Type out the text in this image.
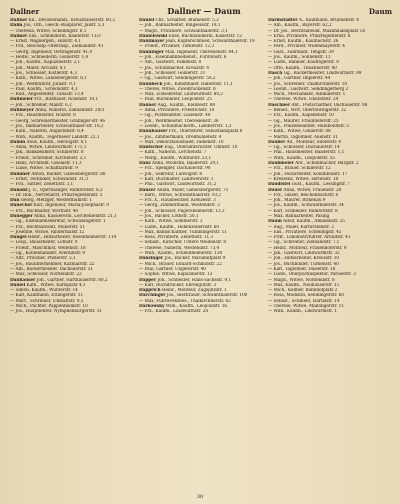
Dallner	Dallner — Daum	Daum
Dallner Kil., Devisenhandl., Kreuzhauserstr. 60,2
Dalm Jos., Ofb., Gesch.-Bauplarer, Jalstr. 5,3
— Theresia, Witwe, Schellingstr. 8,1
Dalmer Elis., Schneiderin, Baaderstr. 11/3
— Ernst, Wagnergeh., Hildstr. 4,1
— Frd., Reichssp.-Oberinsp., Zieblandstr. 41
— Georg, Ingenieur, Oettingenstr. 41,4
— Hedw., Schneiderin, Gollierstr. 1,4
— Joh., Kaufm., Kapuzinerstr. 2,1
— Joh., Maler, Arcisstr. 4,1
— Jos., Schlosser, Kistlerstr. 4,3
— Kath., Witwe, Landsbergerstr. 8,1
— Joh., Werkführer, Jutastr. 9,1
— Paul, Kaufm., Schwindstr. 4,3
— Rud., Angestellter, Tullastr. 13,4
Dallmeier Frz., Bildhauer, Rosenstr. 10,1
— Joh., Schreiner, Maistr. 6,2
Dallmeyer Anna, Näherin, Zieblandstr. 20/3
— Frz., Hausmeister, Holzstr. 8
— Georg, Schreinermeister, Grafinger-str. 46
— Jos., Bahnarbeiter, Schwanthaler-str. 18,2
— Kath., Näherin, Augustenstr. 8,4
— Wilh., Kaufm., Tegernseer Landstr. 22,1
Damm Alois, Kaufm., Herzogstr. 8,1
— Anna, Witwe, Lindwurmstr. 171,1
— Jak., Bankbeamter, Schillerstr. 8
— Friedr., Schreiner, Kirchenstr. 3,1
— Hans, Architekt, Giselastr. 11,3
— Luise, Witwe, Schäftlarnstr. 9
Dammer Anton, Bäcker, Gabelsbergerstr. 80
— Ernst, Techniker, Schwindstr. 31,3
— Frd., Sattler, Zenettistr. 3,1
Damski J. E., Opernsänger, Rumfordstr. 8,3
— Dr. Rob., Nervenarzt, Prinzregentenstr. 5
Dan Georg, Metzger, Westermühlstr. 1
Danecker Karl, Ingenieur, Maria-Josephastr. 9
— Frz., Buchhalter, Wörthstr. 40
Danegger Anna, Kassiererin, Lerchenfeldstr. 21,1
— Gg., Eisenbahnsekretär, Schwabingerstr. 1
— Frz., Rechtsanwalt, Müllerstr. 51
— Josefine, Witwe, Rindermarkt 12
Dangel Heinr., Hilfsarbeiter, Rosenheimerstr. 114
— Leop., Bauarbeiter, Lothstr. 9
— Friedr., Maschinist, Welfenstr. 18
— Gg., Kohlenhändler, Aventinstr. 9
— Alfr., Privatier, Pfisterstr. 5,1
— Jos., Bauunternehmer, Kazmairstr. 22
— Alb., Bäckermeister, Dachauerstr. 51
— Max, Schlosser, Nordendstr. 22
Danhauser Joh., Gärtner, Harthauserstr. 80,2
Daniel Kath., Witwe, Karlsplatz 4,1
— Simon, Kaufm., Wurzerstr. 14
— Karl, Kaufmann, Erlangerstr. 11
— Mart., Schreiner, Ickstattstr. 9,3
— Mich., Pächter, Pappenheimstr. 10
— Jos., Hauptlehrer, Nymphenburgerstr. 31
Daniel Chr., Schäffler, Blumenstr. 5,2
— Joh., Bahnarbeiter, Ringseisstr. 19,1
— Magd., Privatiere, Schwanthalerstr. 3,1
Danielowski Elise, Buchhändlerin, Kaiserstr. 12
Danimayer Jean, Kupferschmied, Schwanthalerstr. 19
— Friedr., Privatier, Türkenstr. 12,3
Danninger Max, Ingenieur, Theresienstr. 84,1
— Joh., Eisenbahnbedienst., Fürstenstr. 6
— Ant., Gastwirt, Falkenstr. 8
— Jos., Schuhmacher, Kreuzstr. 4
— Joh., Schlosser, Gollierstr. 31
— Gg., Gastwirt, Sendlingerstr. 59,2
Dannbeck Joh., Kunstmaler, Häberlstr. 11,1
— Theres, Witwe, Zweibrückenstr. 8
— Max, Zollsekretär, Lindwurmstr. 80,2
— Paul, Buchhalter, Leopoldstr. 25
Danner Aug., Kaufm., Klenzestr. 88
— Anna, Privatiere, Friedrichstr. 10
— Gg., Postbeamter, Luisenstr. 49
— Joh., Werkmeister, Theresienstr. 36
— Leonh., Schuhmacherm., Liebherrstr. 1,3
Dannhauser Frz., Oberlehrer, Sebastiansplatz 8
— Jos., Zimmermann, Dreimühlenstr. 4
— Max, Dekorationsmaler, Falkenstr. 10
Dantscher Eug., Oberamtsrichter, Ohmstr. 10
— Kath., Näherin, Lerchenstr. 7
— Wolfg., Kaufm., Winthirstr. 23,1
Danz Anna, Modistin, Baaderstr. 29,1
— Frz., Spengler, Dachauerstr. 90
— Joh., Sekretär, Ludwigstr. 8
— Karl, Buchhalter, Landwehrstr. 1
— Phil., Gastwirt, Lindwurmstr. 31,2
Danzer Adam, Maler, Gabelsbergerstr. 75
— Barb., Witwe, Schwanthalerstr. 10,2
— Frz. X., Hausbesitzer, Klenzestr. 3
— Georg, Zimmermann, Westendstr. 3
— Joh., Schlosser, Pilgersheimerstr. 13,3
— Jos., Bäcker, Lothstr. 50,1
— Kath., Witwe, Sommerstr. 3
— Ludw., Kaufm., Hohenzollernstr. 60
— Max, Bahnschaffner, Tumblingerstr. 11
— Rosa, Privatiere, Zenettistr. 11,3
— Sebast., Kutscher, Untere Weidenstr. 8
— Therese, Näherin, Westendstr. 73,4
— Wilh., Kaufm., Schleißheimerstr. 130
Danzinger Jos., Bäcker, Mariahilfplatz 9
— Mich., Brauer, Eduard-Schmidstr. 22
— Paul, Gärtner, Ungererstr. 40
— Sophie, Witwe, Kapuzinerstr. 13
Dapper Joh., Schneider, Hans-Sachsstr. 9,1
— Karl, Buchdrucker, Ehrengutstr. 3
Dapprich Heinr., Monteur, Zugspitzstr. 1
Darchinger Jos., Bierbrauer, Schwanthalerstr. 100
— Max, Fuhrwerksbes., Thalkirchnerstr. 62
Darkowsky Wilh., Kaufm., Leopoldstr. 16
— Frz., Kaufm., Lindwurmstr. 28
Darmstädter A., Kaufmann, Brunnenstr. 4
— Alb., Kaufm., Bayerstr. 62,2
— Dr. Jos., Rechtsanwalt, Maximiliansplatz 18
— Erna, Privatiere, Prinzregentenstr. 8
— Ernst, Kaufm., Kaulbachstr. 26
— Ferd., Privatier, Widenmayerstr. 4
— Gust., Fabrikant, Tengstr. 39
— Jos., Kaufm., Sonnenstr. 11
— Ludw., Bankier, Kaufingerstr. 9
— Otto, Kaufm., Theatinerstr. 40
Dasch Gg., Bäckermeister, Lindwurmstr. 99
— Joh., Gärtner, Implerstr. 44
— Jos., Schreiner, Thalkirchnerstr. 10
— Leonh., Gastwirt, Sendlingerberg 2
— Mich., Mechaniker, Ainmillerstr. 1
— Therese, Witwe, Ickstattstr. 24
Daschner Ant., Postschaffner, Dachauerstr. 98
— Bened., Wirt, Oberföhringerstr. 32
— Frz., Kaufm., Kapellenstr. 10
— Gg., Maurer, Fraunhoferstr. 25
— Jos., Polizeibeamter, Humboldtstr. 5
— Kath., Witwe, Gollierstr. 88
— Martin, Taglöhner, Auenstr. 31
Dauber Ad., Monteur, Stielerstr. 4
— Gg., Schlosser, Dachauerstr. 14
— Phil., Hausmeister, Baaderstr. 1,1
— Wilh., Kaufm., Leopoldstr. 55
Daubmeier Ant., Schuhmacher, Burgstr. 2
— Frz., Brauer, Schillerstr. 12
— Joh., Holzarbeiter, Kolumbusstr. 17
— Kreszenz, Witwe, Hirtenstr. 18
Daudistel Gust., Kaufm., Lessingstr. 7
Dauer Anna, Witwe, Frauenstr. 20
— Frz., Glaser, Reichenbachstr. 6
— Joh., Maurer, Birkenau 9
— Jos., Kaufm., Schwanthalerstr. 34
— Karl, Schneider, Rumfordstr. 8
— Max, Bahnarbeiter, Pasing
Daum Adolf, Kaufm., Amalienstr. 25
— Aug., Maler, Kurfürstenstr. 2
— Elis., Privatiere, Schellingstr. 45
— Frdr., Lokomotivführer, Arnulfstr. 41
— Gg., Schreiner, Zieblandstr. 7,1
— Heinr., Monteur, Frauenhoferstr. 9
— Jak., Gastwirt, Lindwurmstr. 32
— Joh., Hilfsarbeiter, Kreuzstr. 30
— Jos., Buchbinder, Türkenstr. 40
— Karl, Taglöhner, Daiserstr. 18
— Ludw., Oberpostinspektor, Pariserstr. 3
— Magd., Witwe, Nordendstr. 8
— Max, Kaufm., Neuhauserstr. 11
— Mich., Kellner, Bahnhofplatz 2
— Rosa, Modistin, Sendlingerstr. 60
— Sebast., Schmied, Isartalstr. 14
— Therese, Witwe, Maillingerstr. 11
— Wilh., Kaufm., Lindwurmstr. 1
30
